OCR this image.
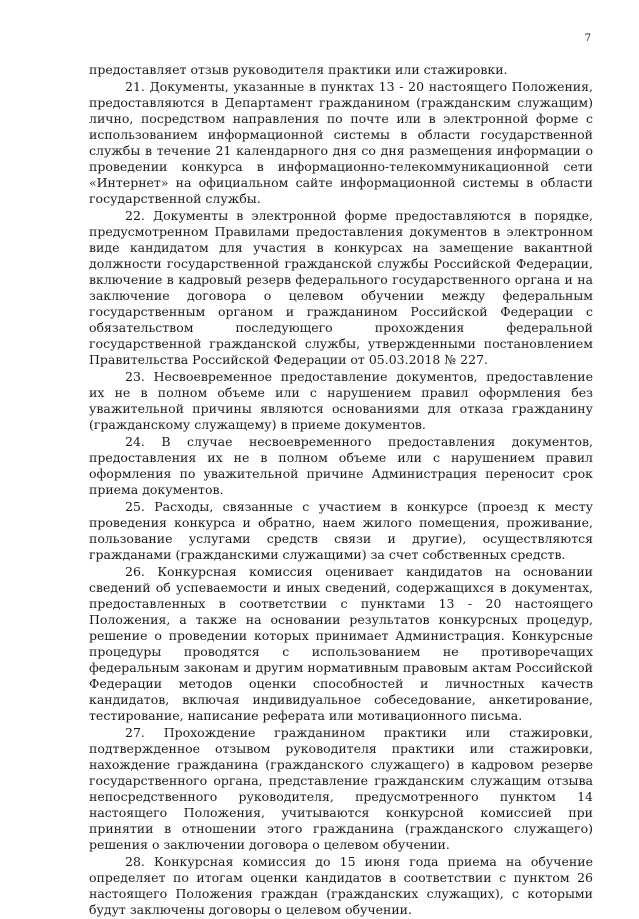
7

предоставляет отзыв руководителя практики или стажировки.

21. Документы, указанные в пунктах 13 - 20 настоящего Положения, предоставляются в Департамент гражданином (гражданским служащим) лично, посредством направления по почте или в электронной форме с использованием информационной системы в области государственной службы в течение 21 календарного дня со дня размещения информации о проведении конкурса в информационно-телекоммуникационной сети «Интернет» на официальном сайте информационной системы в области государственной службы.

22. Документы в электронной форме предоставляются в порядке, предусмотренном Правилами предоставления документов в электронном виде кандидатом для участия в конкурсах на замещение вакантной должности государственной гражданской службы Российской Федерации, включение в кадровый резерв федерального государственного органа и на заключение договора о целевом обучении между федеральным государственным органом и гражданином Российской Федерации с обязательством последующего прохождения федеральной государственной гражданской службы, утвержденными постановлением Правительства Российской Федерации от 05.03.2018 № 227.

23. Несвоевременное предоставление документов, предоставление их не в полном объеме или с нарушением правил оформления без уважительной причины являются основаниями для отказа гражданину (гражданскому служащему) в приеме документов.

24. В случае несвоевременного предоставления документов, предоставления их не в полном объеме или с нарушением правил оформления по уважительной причине Администрация переносит срок приема документов.

25. Расходы, связанные с участием в конкурсе (проезд к месту проведения конкурса и обратно, наем жилого помещения, проживание, пользование услугами средств связи и другие), осуществляются гражданами (гражданскими служащими) за счет собственных средств.

26. Конкурсная комиссия оценивает кандидатов на основании сведений об успеваемости и иных сведений, содержащихся в документах, предоставленных в соответствии с пунктами 13 - 20 настоящего Положения, а также на основании результатов конкурсных процедур, решение о проведении которых принимает Администрация. Конкурсные процедуры проводятся с использованием не противоречащих федеральным законам и другим нормативным правовым актам Российской Федерации методов оценки способностей и личностных качеств кандидатов, включая индивидуальное собеседование, анкетирование, тестирование, написание реферата или мотивационного письма.

27. Прохождение гражданином практики или стажировки, подтвержденное отзывом руководителя практики или стажировки, нахождение гражданина (гражданского служащего) в кадровом резерве государственного органа, представление гражданским служащим отзыва непосредственного руководителя, предусмотренного пунктом 14 настоящего Положения, учитываются конкурсной комиссией при принятии в отношении этого гражданина (гражданского служащего) решения о заключении договора о целевом обучении.

28. Конкурсная комиссия до 15 июня года приема на обучение определяет по итогам оценки кандидатов в соответствии с пунктом 26 настоящего Положения граждан (гражданских служащих), с которыми будут заключены договоры о целевом обучении.
